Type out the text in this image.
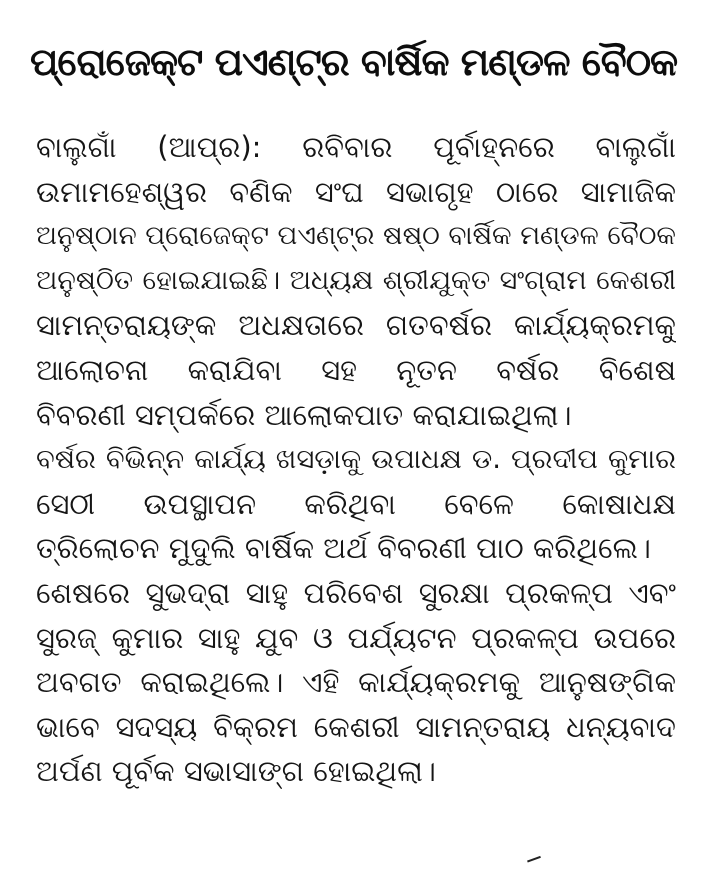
ପ୍ରୋଜେକ୍ଟ ପଏଣ୍ଟ୍‌ର ବାର୍ଷିକ ମଣ୍ଡଳ ବୈଠକ
ବାଲୁଗାଁ (ଆପ୍ର): ରବିବାର ପୂର୍ବାହ୍ନରେ ବାଲୁଗାଁ
ଉମାମହେଶ୍ୱର ବଣିକ ସଂଘ ସଭାଗୃହ ଠାରେ ସାମାଜିକ
ଅନୁଷ୍ଠାନ ପ୍ରୋଜେକ୍ଟ ପଏଣ୍ଟ୍‌ର ଷଷ୍ଠ ବାର୍ଷିକ ମଣ୍ଡଳ ବୈଠକ
ଅନୁଷ୍ଠିତ ହୋଇଯାଇଛି। ଅଧ୍ୟକ୍ଷ ଶ୍ରୀଯୁକ୍ତ ସଂଗ୍ରାମ କେଶରୀ
ସାମନ୍ତରାୟଙ୍କ ଅଧକ୍ଷତାରେ ଗତବର୍ଷର କାର୍ଯ୍ୟକ୍ରମକୁ
ଆଲୋଚନା କରାଯିବା ସହ ନୂତନ ବର୍ଷର ବିଶେଷ
ବିବରଣୀ ସମ୍ପର୍କରେ ଆଲୋକପାତ କରାଯାଇଥିଲା।
ବର୍ଷର ବିଭିନ୍ନ କାର୍ଯ୍ୟ ଖସଡ଼ାକୁ ଉପାଧକ୍ଷ ଡ. ପ୍ରଦୀପ କୁମାର
ସେଠୀ ଉପସ୍ଥାପନ କରିଥିବା ବେଳେ କୋଷାଧକ୍ଷ
ତ୍ରିଲୋଚନ ମୁଦୁଲି ବାର୍ଷିକ ଅର୍ଥ ବିବରଣୀ ପାଠ କରିଥିଲେ।
ଶେଷରେ ସୁଭଦ୍ରା ସାହୁ ପରିବେଶ ସୁରକ୍ଷା ପ୍ରକଳ୍ପ ଏବଂ
ସୁରଜ୍ କୁମାର ସାହୁ ଯୁବ ଓ ପର୍ଯ୍ୟଟନ ପ୍ରକଳ୍ପ ଉପରେ
ଅବଗତ କରାଇଥିଲେ। ଏହି କାର୍ଯ୍ୟକ୍ରମକୁ ଆନୁଷଙ୍ଗିକ
ଭାବେ ସଦସ୍ୟ ବିକ୍ରମ କେଶରୀ ସାମନ୍ତରାୟ ଧନ୍ୟବାଦ
ଅର୍ପଣ ପୂର୍ବକ ସଭାସାଙ୍ଗ ହୋଇଥିଲା।
